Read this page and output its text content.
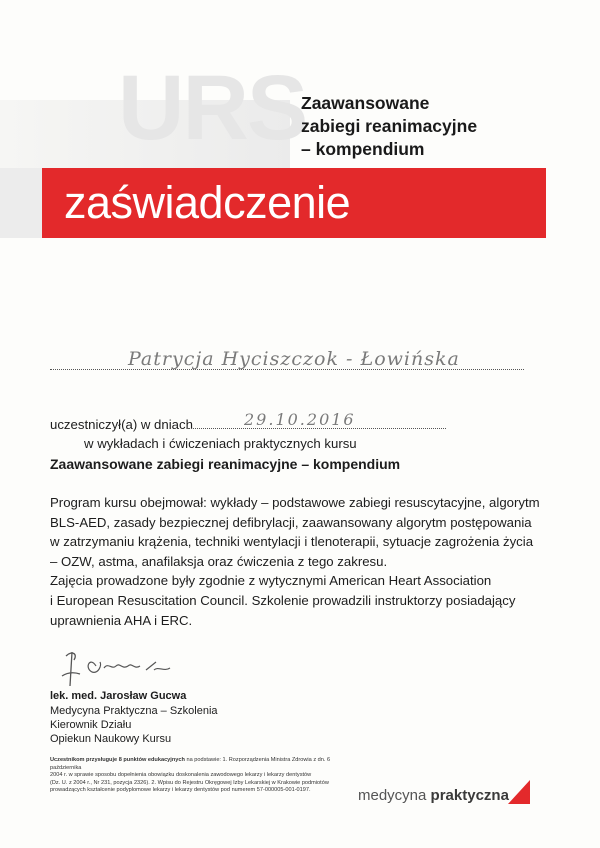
URS
Zaawansowane
zabiegi reanimacyjne
– kompendium
zaświadczenie
Patrycja Hyciszczok - Łowińska
uczestniczył(a) w dniach	29.10.2016
w wykładach i ćwiczeniach praktycznych kursu
Zaawansowane zabiegi reanimacyjne – kompendium
Program kursu obejmował: wykłady – podstawowe zabiegi resuscytacyjne, algorytm
BLS-AED, zasady bezpiecznej defibrylacji, zaawansowany algorytm postępowania
w zatrzymaniu krążenia, techniki wentylacji i tlenoterapii, sytuacje zagrożenia życia
– OZW, astma, anafilaksja oraz ćwiczenia z tego zakresu.
Zajęcia prowadzone były zgodnie z wytycznymi American Heart Association
i European Resuscitation Council. Szkolenie prowadzili instruktorzy posiadający
uprawnienia AHA i ERC.
lek. med. Jarosław Gucwa
Medycyna Praktyczna – Szkolenia
Kierownik Działu
Opiekun Naukowy Kursu
Uczestnikom przysługuje 8 punktów edukacyjnych na podstawie: 1. Rozporządzenia Ministra Zdrowia z dn. 6 października
2004 r. w sprawie sposobu dopełnienia obowiązku doskonalenia zawodowego lekarzy i lekarzy dentystów
(Dz. U. z 2004 r., Nr 231, pozycja 2326). 2. Wpisu do Rejestru Okręgowej Izby Lekarskiej w Krakowie podmiotów
prowadzących kształcenie podyplomowe lekarzy i lekarzy dentystów pod numerem 57-000005-001-0197.	medycyna praktyczna
